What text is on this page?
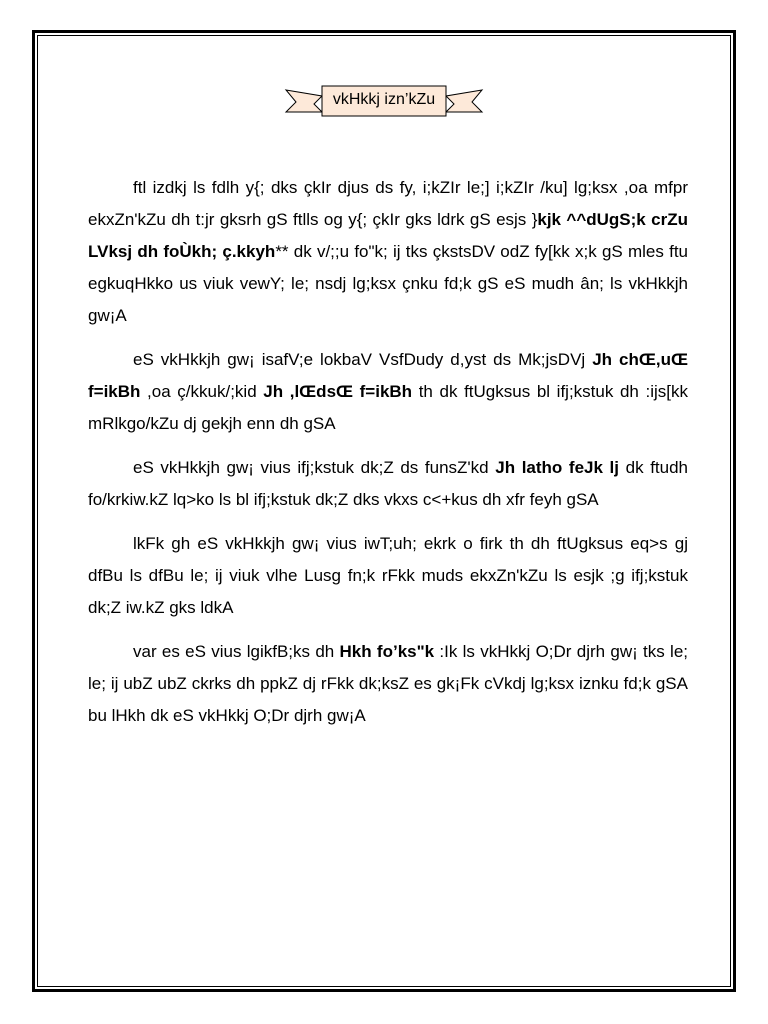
vkHkkj izn’kZu

ftl izdkj ls fdlh y{; dks çkIr djus ds fy, i;kZIr le;] i;kZIr /ku] lg;ksx ,oa mfpr ekxZn'kZu dh t:jr gksrh gS ftlls og y{; çkIr gks ldrk gS esjs }kjk ^^dUgS;k crZu LVksj dh foÙkh; ç.kkyh** dk v/;;u fo"k; ij tks çkstsDV odZ fy[kk x;k gS mles ftu egkuqHkko us viuk vewY; le; nsdj lg;ksx çnku fd;k gS eS mudh ân; ls vkHkkjh gw¡A

eS vkHkkjh gw¡ isafV;e lokbaV VsfDudy d,yst ds Mk;jsDVj Jh chŒ,uŒ f=ikBh ,oa ç/kkuk/;kid Jh ,lŒdsŒ f=ikBh th dk ftUgksus bl ifj;kstuk dh :ijs[kk mRlkgo/kZu dj gekjh enn dh gSA

eS vkHkkjh gw¡ vius ifj;kstuk dk;Z ds funsZ'kd Jh latho feJk lj dk ftudh fo/krkiw.kZ lq>ko ls bl ifj;kstuk dk;Z dks vkxs c<+kus dh xfr feyh gSA

lkFk gh eS vkHkkjh gw¡ vius iwT;uh; ekrk o firk th dh ftUgksus eq>s gj dfBu ls dfBu le; ij viuk vlhe Lusg fn;k rFkk muds ekxZn'kZu ls esjk ;g ifj;kstuk dk;Z iw.kZ gks ldkA

var es eS vius lgikfB;ks dh Hkh fo’ks"k :Ik ls vkHkkj O;Dr djrh gw¡ tks le; le; ij ubZ ubZ ckrks dh ppkZ dj rFkk dk;ksZ es gk¡Fk cVkdj lg;ksx iznku fd;k gSA bu lHkh dk eS vkHkkj O;Dr djrh gw¡A
